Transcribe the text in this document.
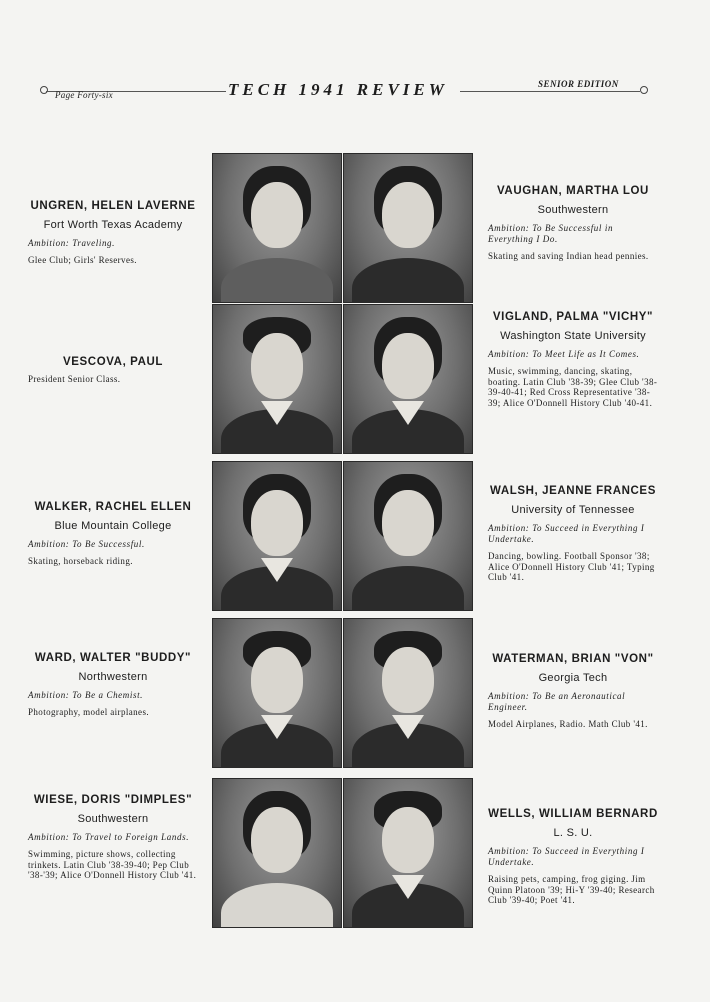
Page Forty-six	TECH 1941 REVIEW	SENIOR EDITION
UNGREN, HELEN LAVERNE
Fort Worth Texas Academy
Ambition: Traveling.
Glee Club; Girls' Reserves.
VESCOVA, PAUL
President Senior Class.
WALKER, RACHEL ELLEN
Blue Mountain College
Ambition: To Be Successful.
Skating, horseback riding.
WARD, WALTER "BUDDY"
Northwestern
Ambition: To Be a Chemist.
Photography, model airplanes.
WIESE, DORIS "DIMPLES"
Southwestern
Ambition: To Travel to Foreign Lands.
Swimming, picture shows, collecting trinkets. Latin Club '38-39-40; Pep Club '38-'39; Alice O'Donnell History Club '41.
VAUGHAN, MARTHA LOU
Southwestern
Ambition: To Be Successful in Everything I Do.
Skating and saving Indian head pennies.
VIGLAND, PALMA "VICHY"
Washington State University
Ambition: To Meet Life as It Comes.
Music, swimming, dancing, skating, boating. Latin Club '38-39; Glee Club '38-39-40-41; Red Cross Representative '38-39; Alice O'Donnell History Club '40-41.
WALSH, JEANNE FRANCES
University of Tennessee
Ambition: To Succeed in Everything I Undertake.
Dancing, bowling. Football Sponsor '38; Alice O'Donnell History Club '41; Typing Club '41.
WATERMAN, BRIAN "VON"
Georgia Tech
Ambition: To Be an Aeronautical Engineer.
Model Airplanes, Radio. Math Club '41.
WELLS, WILLIAM BERNARD
L. S. U.
Ambition: To Succeed in Everything I Undertake.
Raising pets, camping, frog giging. Jim Quinn Platoon '39; Hi-Y '39-40; Research Club '39-40; Poet '41.
